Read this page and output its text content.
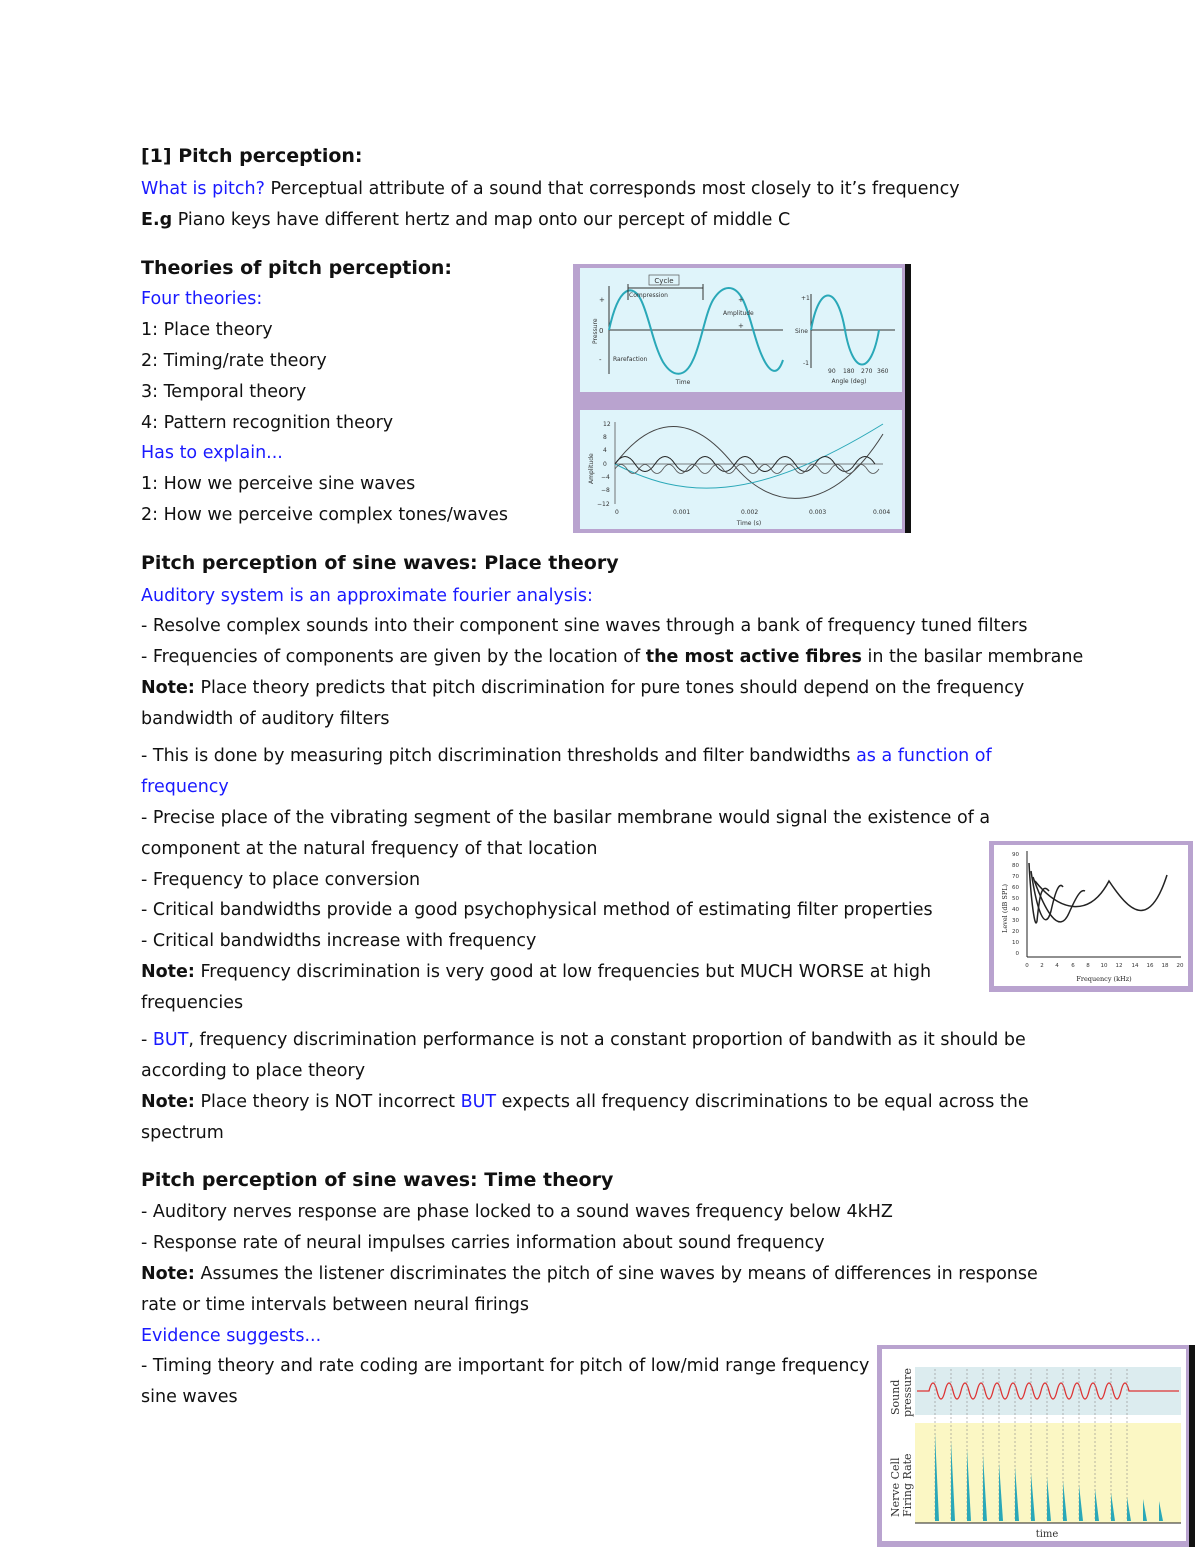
[1] Pitch perception:
What is pitch? Perceptual attribute of a sound that corresponds most closely to it’s frequency
E.g Piano keys have different hertz and map onto our percept of middle C
Theories of pitch perception:
Four theories:
1: Place theory
2: Timing/rate theory
3: Temporal theory
4: Pattern recognition theory
Has to explain...
1: How we perceive sine waves
2: How we perceive complex tones/waves
Pitch perception of sine waves: Place theory
Auditory system is an approximate fourier analysis:
- Resolve complex sounds into their component sine waves through a bank of frequency tuned filters
- Frequencies of components are given by the location of the most active fibres in the basilar membrane
Note: Place theory predicts that pitch discrimination for pure tones should depend on the frequency
bandwidth of auditory filters
- This is done by measuring pitch discrimination thresholds and filter bandwidths as a function of
frequency
- Precise place of the vibrating segment of the basilar membrane would signal the existence of a
component at the natural frequency of that location
- Frequency to place conversion
- Critical bandwidths provide a good psychophysical method of estimating filter properties
- Critical bandwidths increase with frequency
Note: Frequency discrimination is very good at low frequencies but MUCH WORSE at high
frequencies
- BUT, frequency discrimination performance is not a constant proportion of bandwith as it should be
according to place theory
Note: Place theory is NOT incorrect BUT expects all frequency discriminations to be equal across the
spectrum
Pitch perception of sine waves: Time theory
- Auditory nerves response are phase locked to a sound waves frequency below 4kHZ
- Response rate of neural impulses carries information about sound frequency
Note: Assumes the listener discriminates the pitch of sine waves by means of differences in response
rate or time intervals between neural firings
Evidence suggests...
- Timing theory and rate coding are important for pitch of low/mid range frequency
sine waves
Cycle
Compression
Rarefaction
Amplitude
+
+
+
0
-
Pressure
Time
+1
Sine
-1
90 180 270 360
Angle (deg)
12
8
4
0
−4
−8
−12
0	0.001	0.002	0.003	0.004
Time (s)
Amplitude
90
80
70
60
50
40
30
20
10
0
0 2 4 6 8 10 12 14 16 18 20
Frequency (kHz)
Level (dB SPL)
Sound pressure
Nerve Cell Firing Rate
time
